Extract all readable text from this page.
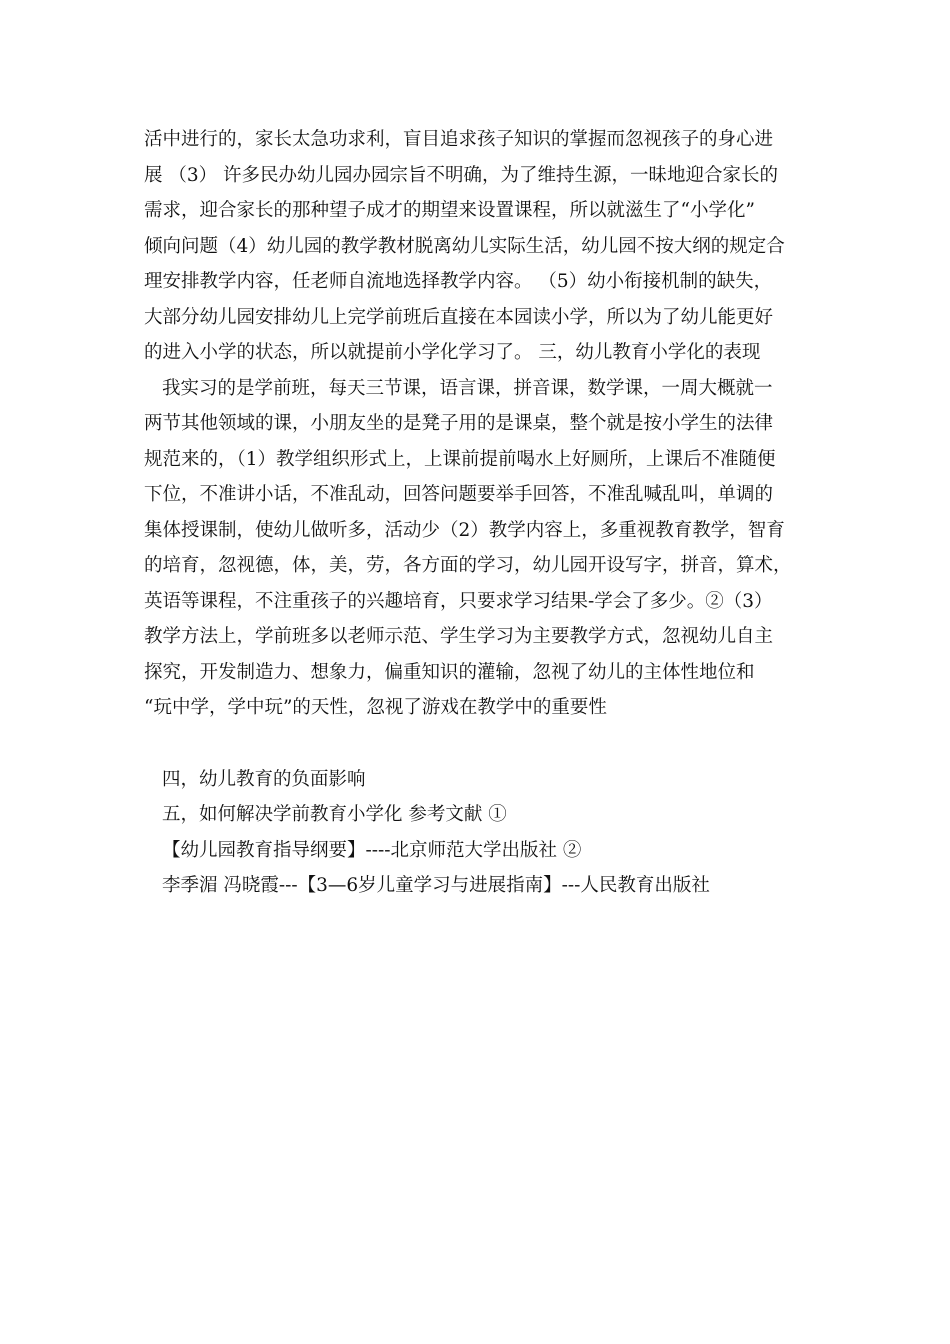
活中进行的，家长太急功求利，盲目追求孩子知识的掌握而忽视孩子的身心进
展 （3） 许多民办幼儿园办园宗旨不明确，为了维持生源，一昧地迎合家长的
需求，迎合家长的那种望子成才的期望来设置课程，所以就滋生了“小学化”
倾向问题（4）幼儿园的教学教材脱离幼儿实际生活，幼儿园不按大纲的规定合
理安排教学内容，任老师自流地选择教学内容。 （5）幼小衔接机制的缺失，
大部分幼儿园安排幼儿上完学前班后直接在本园读小学，所以为了幼儿能更好
的进入小学的状态，所以就提前小学化学习了。 三，幼儿教育小学化的表现
我实习的是学前班，每天三节课，语言课，拼音课，数学课，一周大概就一
两节其他领域的课，小朋友坐的是凳子用的是课桌，整个就是按小学生的法律
规范来的，（1）教学组织形式上，上课前提前喝水上好厕所，上课后不准随便
下位，不准讲小话，不准乱动，回答问题要举手回答，不准乱喊乱叫，单调的
集体授课制，使幼儿做听多，活动少（2）教学内容上，多重视教育教学，智育
的培育，忽视德，体，美，劳，各方面的学习，幼儿园开设写字，拼音，算术，
英语等课程，不注重孩子的兴趣培育，只要求学习结果-学会了多少。②（3）
教学方法上，学前班多以老师示范、学生学习为主要教学方式，忽视幼儿自主
探究，开发制造力、想象力，偏重知识的灌输，忽视了幼儿的主体性地位和
“玩中学，学中玩”的天性，忽视了游戏在教学中的重要性
四，幼儿教育的负面影响
五，如何解决学前教育小学化 参考文献 ①
【幼儿园教育指导纲要】----北京师范大学出版社 ②
李季湄 冯晓霞---【3—6岁儿童学习与进展指南】---人民教育出版社
